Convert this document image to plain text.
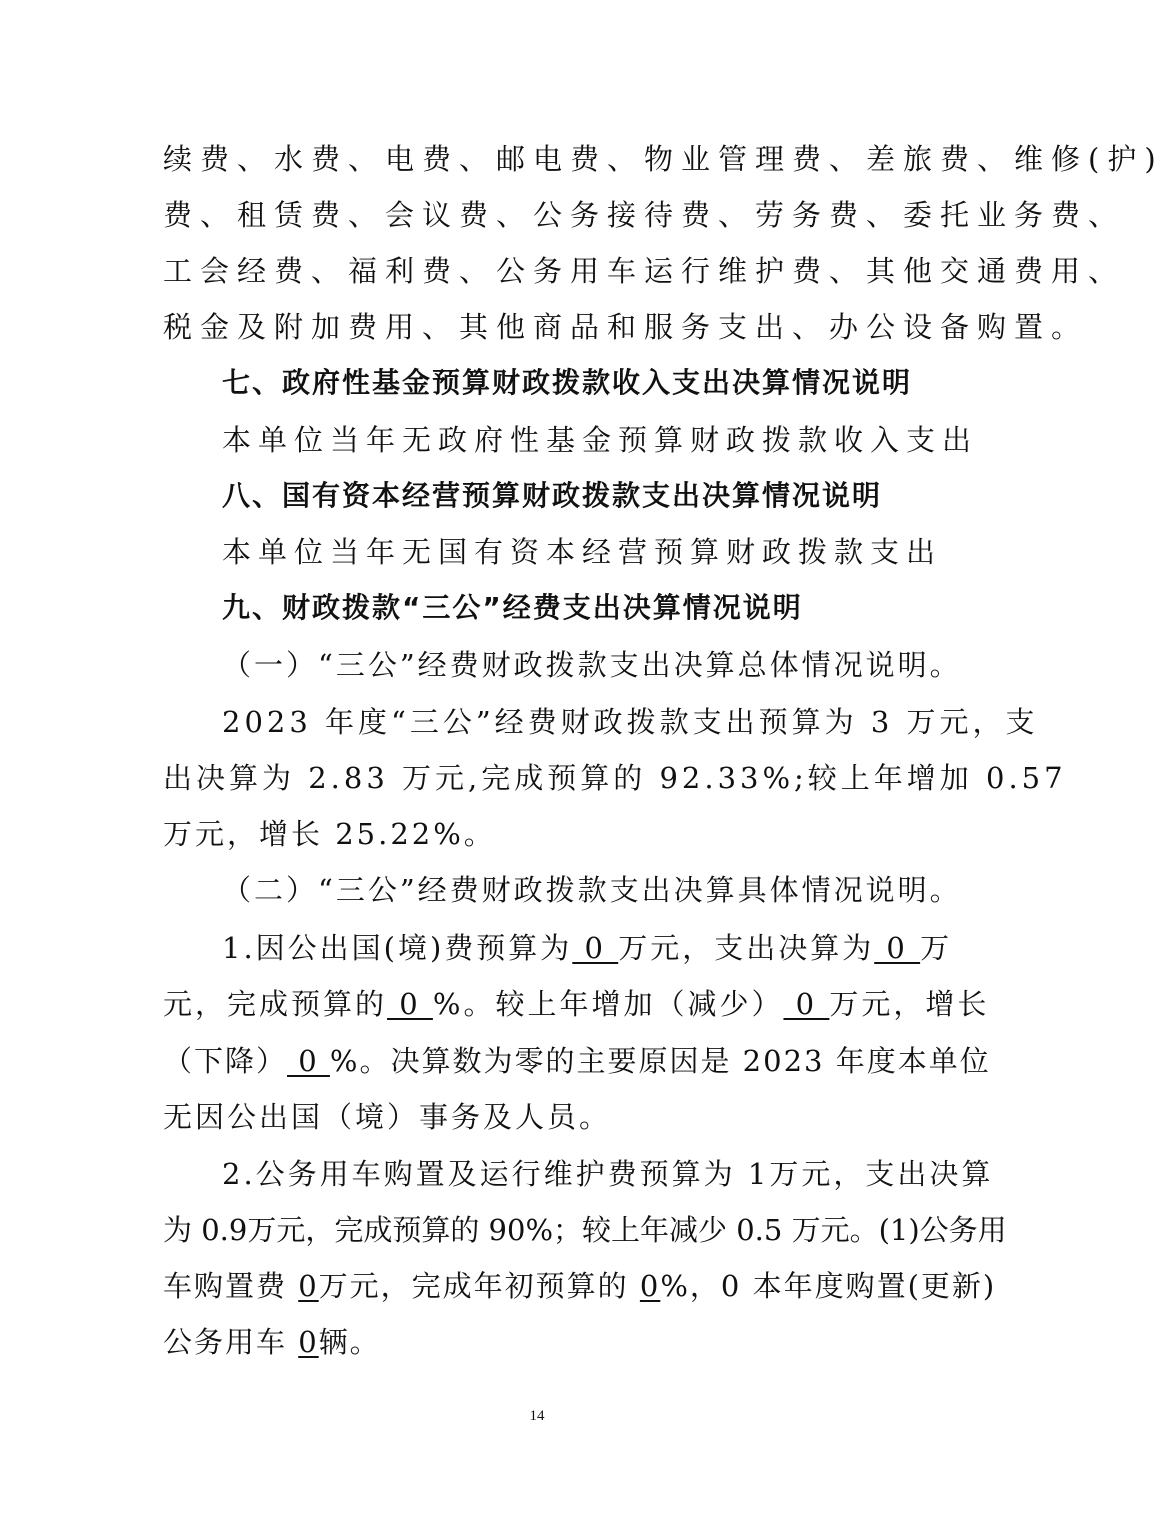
续费、水费、电费、邮电费、物业管理费、差旅费、维修(护)
费、租赁费、会议费、公务接待费、劳务费、委托业务费、
工会经费、福利费、公务用车运行维护费、其他交通费用、
税金及附加费用、其他商品和服务支出、办公设备购置。
七、政府性基金预算财政拨款收入支出决算情况说明
本单位当年无政府性基金预算财政拨款收入支出
八、国有资本经营预算财政拨款支出决算情况说明
本单位当年无国有资本经营预算财政拨款支出
九、财政拨款“三公”经费支出决算情况说明
（一）“三公”经费财政拨款支出决算总体情况说明。
2023 年度“三公”经费财政拨款支出预算为 3 万元，支
出决算为 2.83 万元,完成预算的 92.33%;较上年增加 0.57
万元，增长 25.22%。
（二）“三公”经费财政拨款支出决算具体情况说明。
1.因公出国(境)费预算为 0 万元，支出决算为 0 万
元，完成预算的 0 %。较上年增加（减少） 0 万元，增长
（下降） 0 %。决算数为零的主要原因是 2023 年度本单位
无因公出国（境）事务及人员。
2.公务用车购置及运行维护费预算为 1万元，支出决算
为 0.9万元，完成预算的 90%；较上年减少 0.5 万元。(1)公务用
车购置费 0万元，完成年初预算的 0%，0 本年度购置(更新)
公务用车 0辆。
14
